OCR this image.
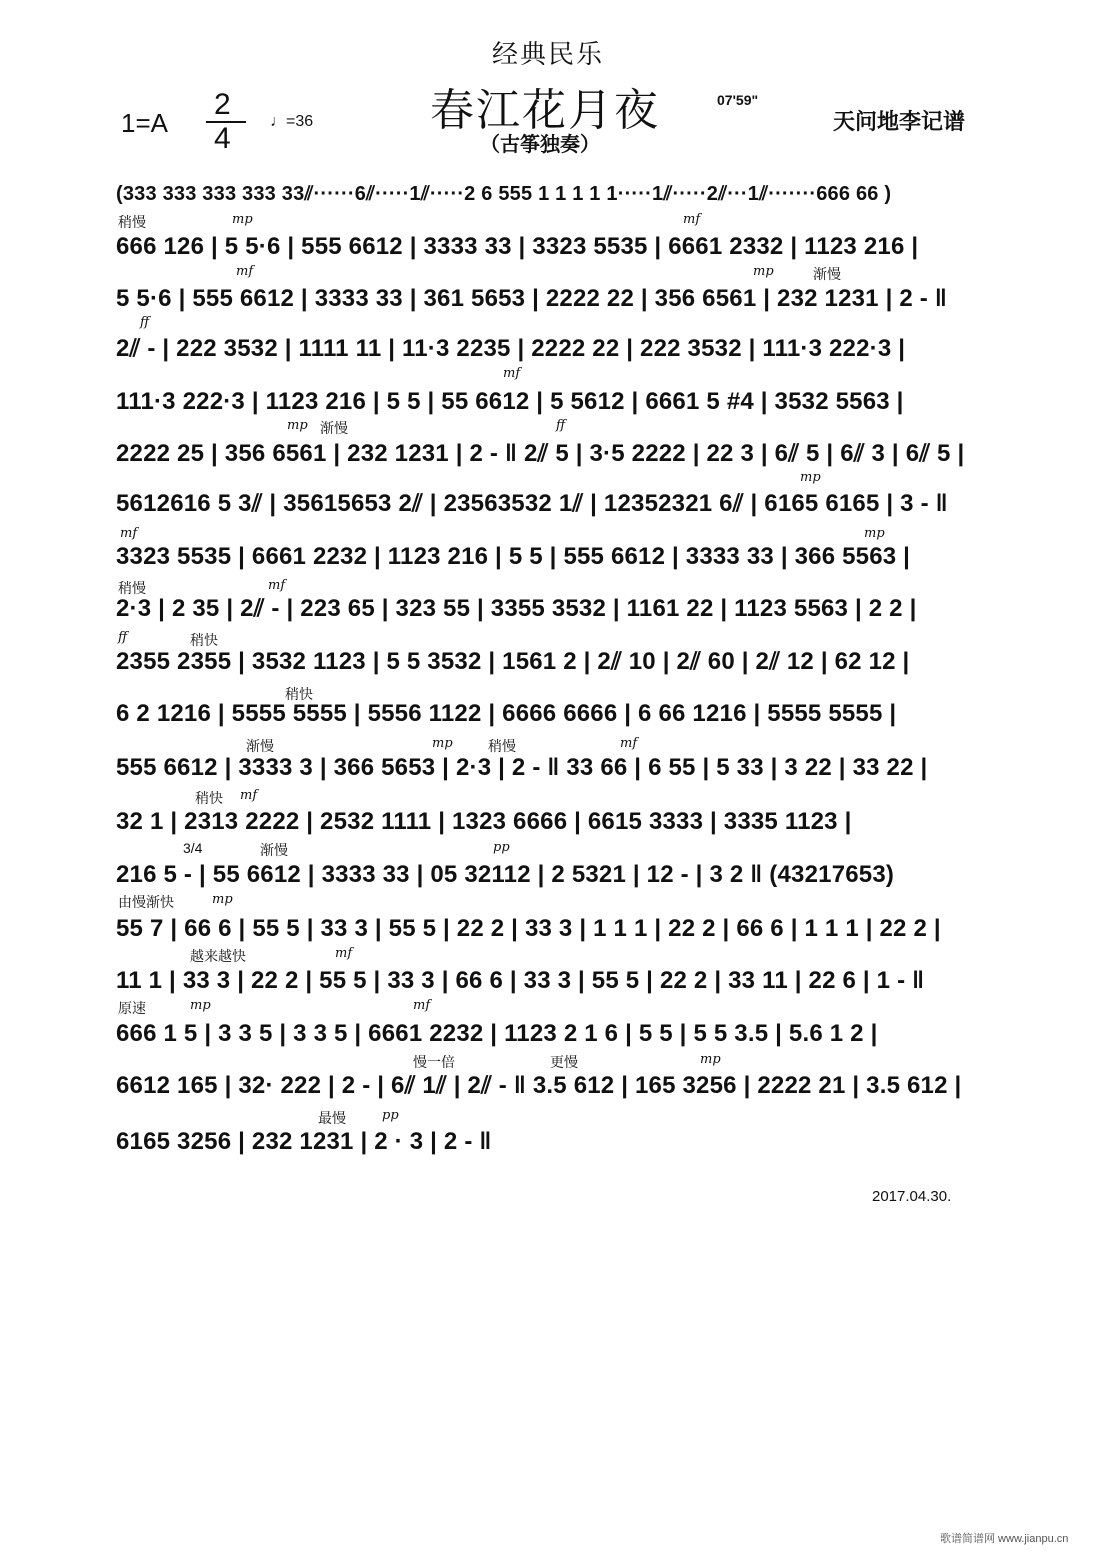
经典民乐
春江花月夜
（古筝独奏）
07'59"
天问地李记谱
1=A
2
4
♩=36
(333 333 333 333 33⫽······6⫽·····1⫽·····2 6 555 1 1 1 1 1·····1⫽·····2⫽···1⫽·······666 66 )
666 126 | 5 5·6 | 555 6612 | 3333 33 | 3323 5535 | 6661 2332 | 1123 216 |
5 5·6 | 555 6612 | 3333 33 | 361 5653 | 2222 22 | 356 6561 | 232 1231 | 2 - ‖
2⫽ - | 222 3532 | 1111 11 | 11·3 2235 | 2222 22 | 222 3532 | 111·3 222·3 |
111·3 222·3 | 1123 216 | 5 5 | 55 6612 | 5 5612 | 6661 5 #4 | 3532 5563 |
2222 25 | 356 6561 | 232 1231 | 2 - ‖ 2⫽ 5 | 3·5 2222 | 22 3 | 6⫽ 5 | 6⫽ 3 | 6⫽ 5 |
5612616 5 3⫽ | 35615653 2⫽ | 23563532 1⫽ | 12352321 6⫽ | 6165 6165 | 3 - ‖
3323 5535 | 6661 2232 | 1123 216 | 5 5 | 555 6612 | 3333 33 | 366 5563 |
2·3 | 2 35 | 2⫽ - | 223 65 | 323 55 | 3355 3532 | 1161 22 | 1123 5563 | 2 2 |
2355 2355 | 3532 1123 | 5 5 3532 | 1561 2 | 2⫽ 10 | 2⫽ 60 | 2⫽ 12 | 62 12 |
6 2 1216 | 5555 5555 | 5556 1122 | 6666 6666 | 6 66 1216 | 5555 5555 |
555 6612 | 3333 3 | 366 5653 | 2·3 | 2 - ‖ 33 66 | 6 55 | 5 33 | 3 22 | 33 22 |
32 1 | 2313 2222 | 2532 1111 | 1323 6666 | 6615 3333 | 3335 1123 |
216 5 - | 55 6612 | 3333 33 | 05 32112 | 2 5321 | 12 - | 3 2 ‖ (43217653)
55 7 | 66 6 | 55 5 | 33 3 | 55 5 | 22 2 | 33 3 | 1 1 1 | 22 2 | 66 6 | 1 1 1 | 22 2 |
11 1 | 33 3 | 22 2 | 55 5 | 33 3 | 66 6 | 33 3 | 55 5 | 22 2 | 33 11 | 22 6 | 1 - ‖
666 1 5 | 3 3 5 | 3 3 5 | 6661 2232 | 1123 2 1 6 | 5 5 | 5 5 3.5 | 5.6 1 2 |
6612 165 | 32· 222 | 2 - | 6⫽ 1⫽ | 2⫽ - ‖ 3.5 612 | 165 3256 | 2222 21 | 3.5 612 |
6165 3256 | 232 1231 | 2 · 3 | 2 - ‖
稍慢	mp	mf
mf	mp	渐慢
ff
mf
mp 渐慢	ff
mp
mf	mp
稍慢	mf
ff	稍快
稍快
渐慢	mp	稍慢	mf
稍快 mf
3/4	渐慢	pp
由慢渐快	mp
越来越快	mf
原速	mp	mf
慢一倍	更慢	mp
最慢	pp
2017.04.30.
歌谱简谱网 www.jianpu.cn
